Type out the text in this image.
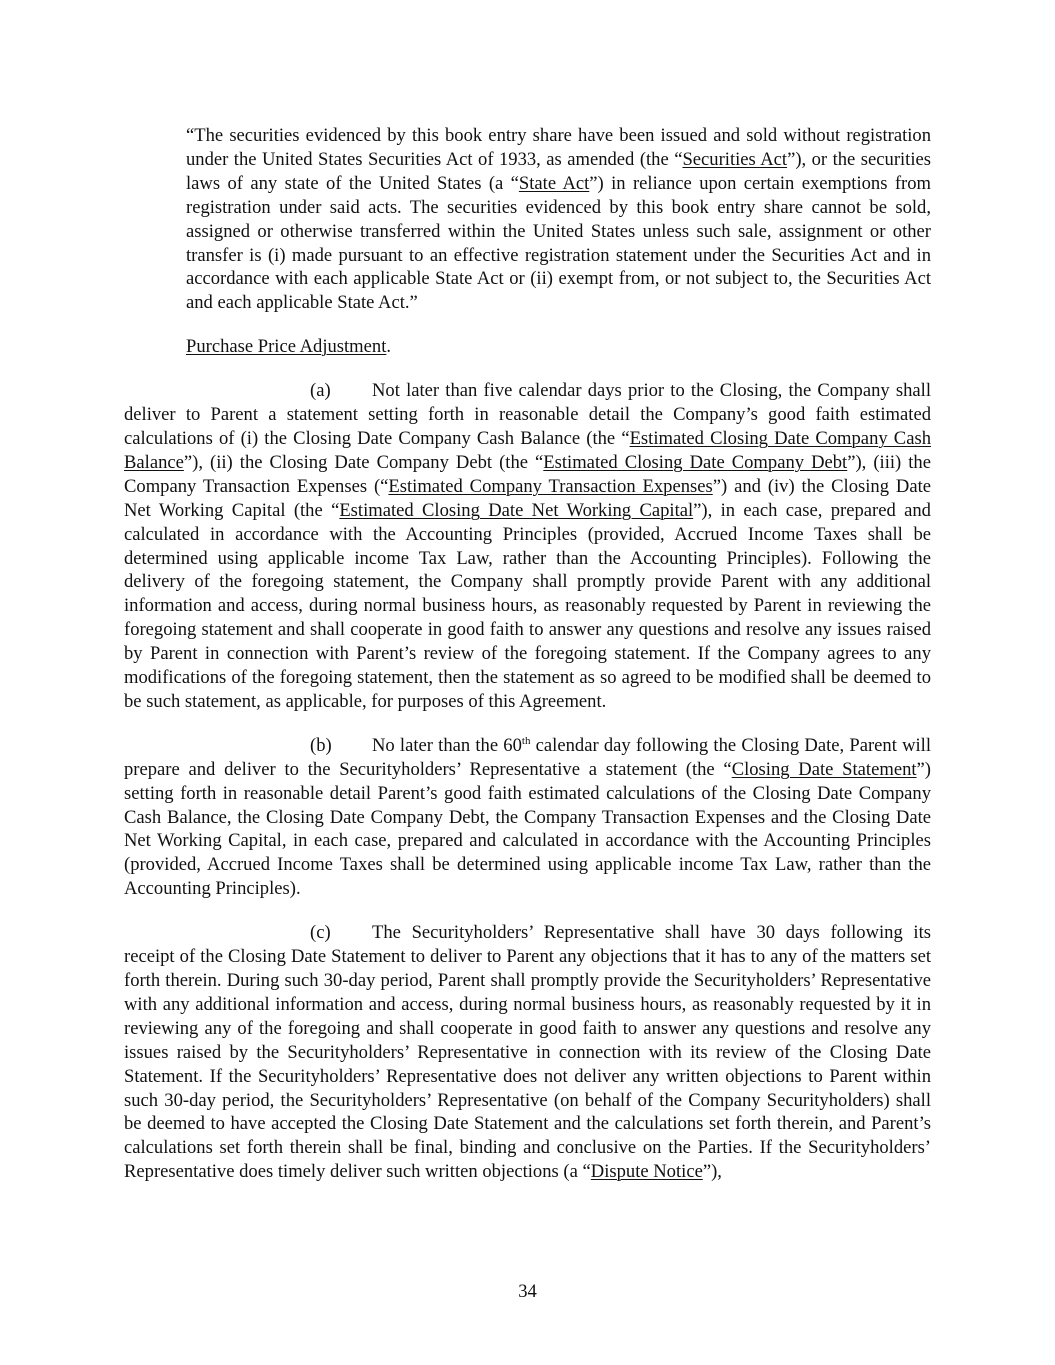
“The securities evidenced by this book entry share have been issued and sold without registration under the United States Securities Act of 1933, as amended (the “Securities Act”), or the securities laws of any state of the United States (a “State Act”) in reliance upon certain exemptions from registration under said acts. The securities evidenced by this book entry share cannot be sold, assigned or otherwise transferred within the United States unless such sale, assignment or other transfer is (i) made pursuant to an effective registration statement under the Securities Act and in accordance with each applicable State Act or (ii) exempt from, or not subject to, the Securities Act and each applicable State Act.”

Purchase Price Adjustment.

(a) Not later than five calendar days prior to the Closing, the Company shall deliver to Parent a statement setting forth in reasonable detail the Company’s good faith estimated calculations of (i) the Closing Date Company Cash Balance (the “Estimated Closing Date Company Cash Balance”), (ii) the Closing Date Company Debt (the “Estimated Closing Date Company Debt”), (iii) the Company Transaction Expenses (“Estimated Company Transaction Expenses”) and (iv) the Closing Date Net Working Capital (the “Estimated Closing Date Net Working Capital”), in each case, prepared and calculated in accordance with the Accounting Principles (provided, Accrued Income Taxes shall be determined using applicable income Tax Law, rather than the Accounting Principles). Following the delivery of the foregoing statement, the Company shall promptly provide Parent with any additional information and access, during normal business hours, as reasonably requested by Parent in reviewing the foregoing statement and shall cooperate in good faith to answer any questions and resolve any issues raised by Parent in connection with Parent’s review of the foregoing statement. If the Company agrees to any modifications of the foregoing statement, then the statement as so agreed to be modified shall be deemed to be such statement, as applicable, for purposes of this Agreement.

(b) No later than the 60th calendar day following the Closing Date, Parent will prepare and deliver to the Securityholders’ Representative a statement (the “Closing Date Statement”) setting forth in reasonable detail Parent’s good faith estimated calculations of the Closing Date Company Cash Balance, the Closing Date Company Debt, the Company Transaction Expenses and the Closing Date Net Working Capital, in each case, prepared and calculated in accordance with the Accounting Principles (provided, Accrued Income Taxes shall be determined using applicable income Tax Law, rather than the Accounting Principles).

(c) The Securityholders’ Representative shall have 30 days following its receipt of the Closing Date Statement to deliver to Parent any objections that it has to any of the matters set forth therein. During such 30-day period, Parent shall promptly provide the Securityholders’ Representative with any additional information and access, during normal business hours, as reasonably requested by it in reviewing any of the foregoing and shall cooperate in good faith to answer any questions and resolve any issues raised by the Securityholders’ Representative in connection with its review of the Closing Date Statement. If the Securityholders’ Representative does not deliver any written objections to Parent within such 30-day period, the Securityholders’ Representative (on behalf of the Company Securityholders) shall be deemed to have accepted the Closing Date Statement and the calculations set forth therein, and Parent’s calculations set forth therein shall be final, binding and conclusive on the Parties. If the Securityholders’ Representative does timely deliver such written objections (a “Dispute Notice”),

34
